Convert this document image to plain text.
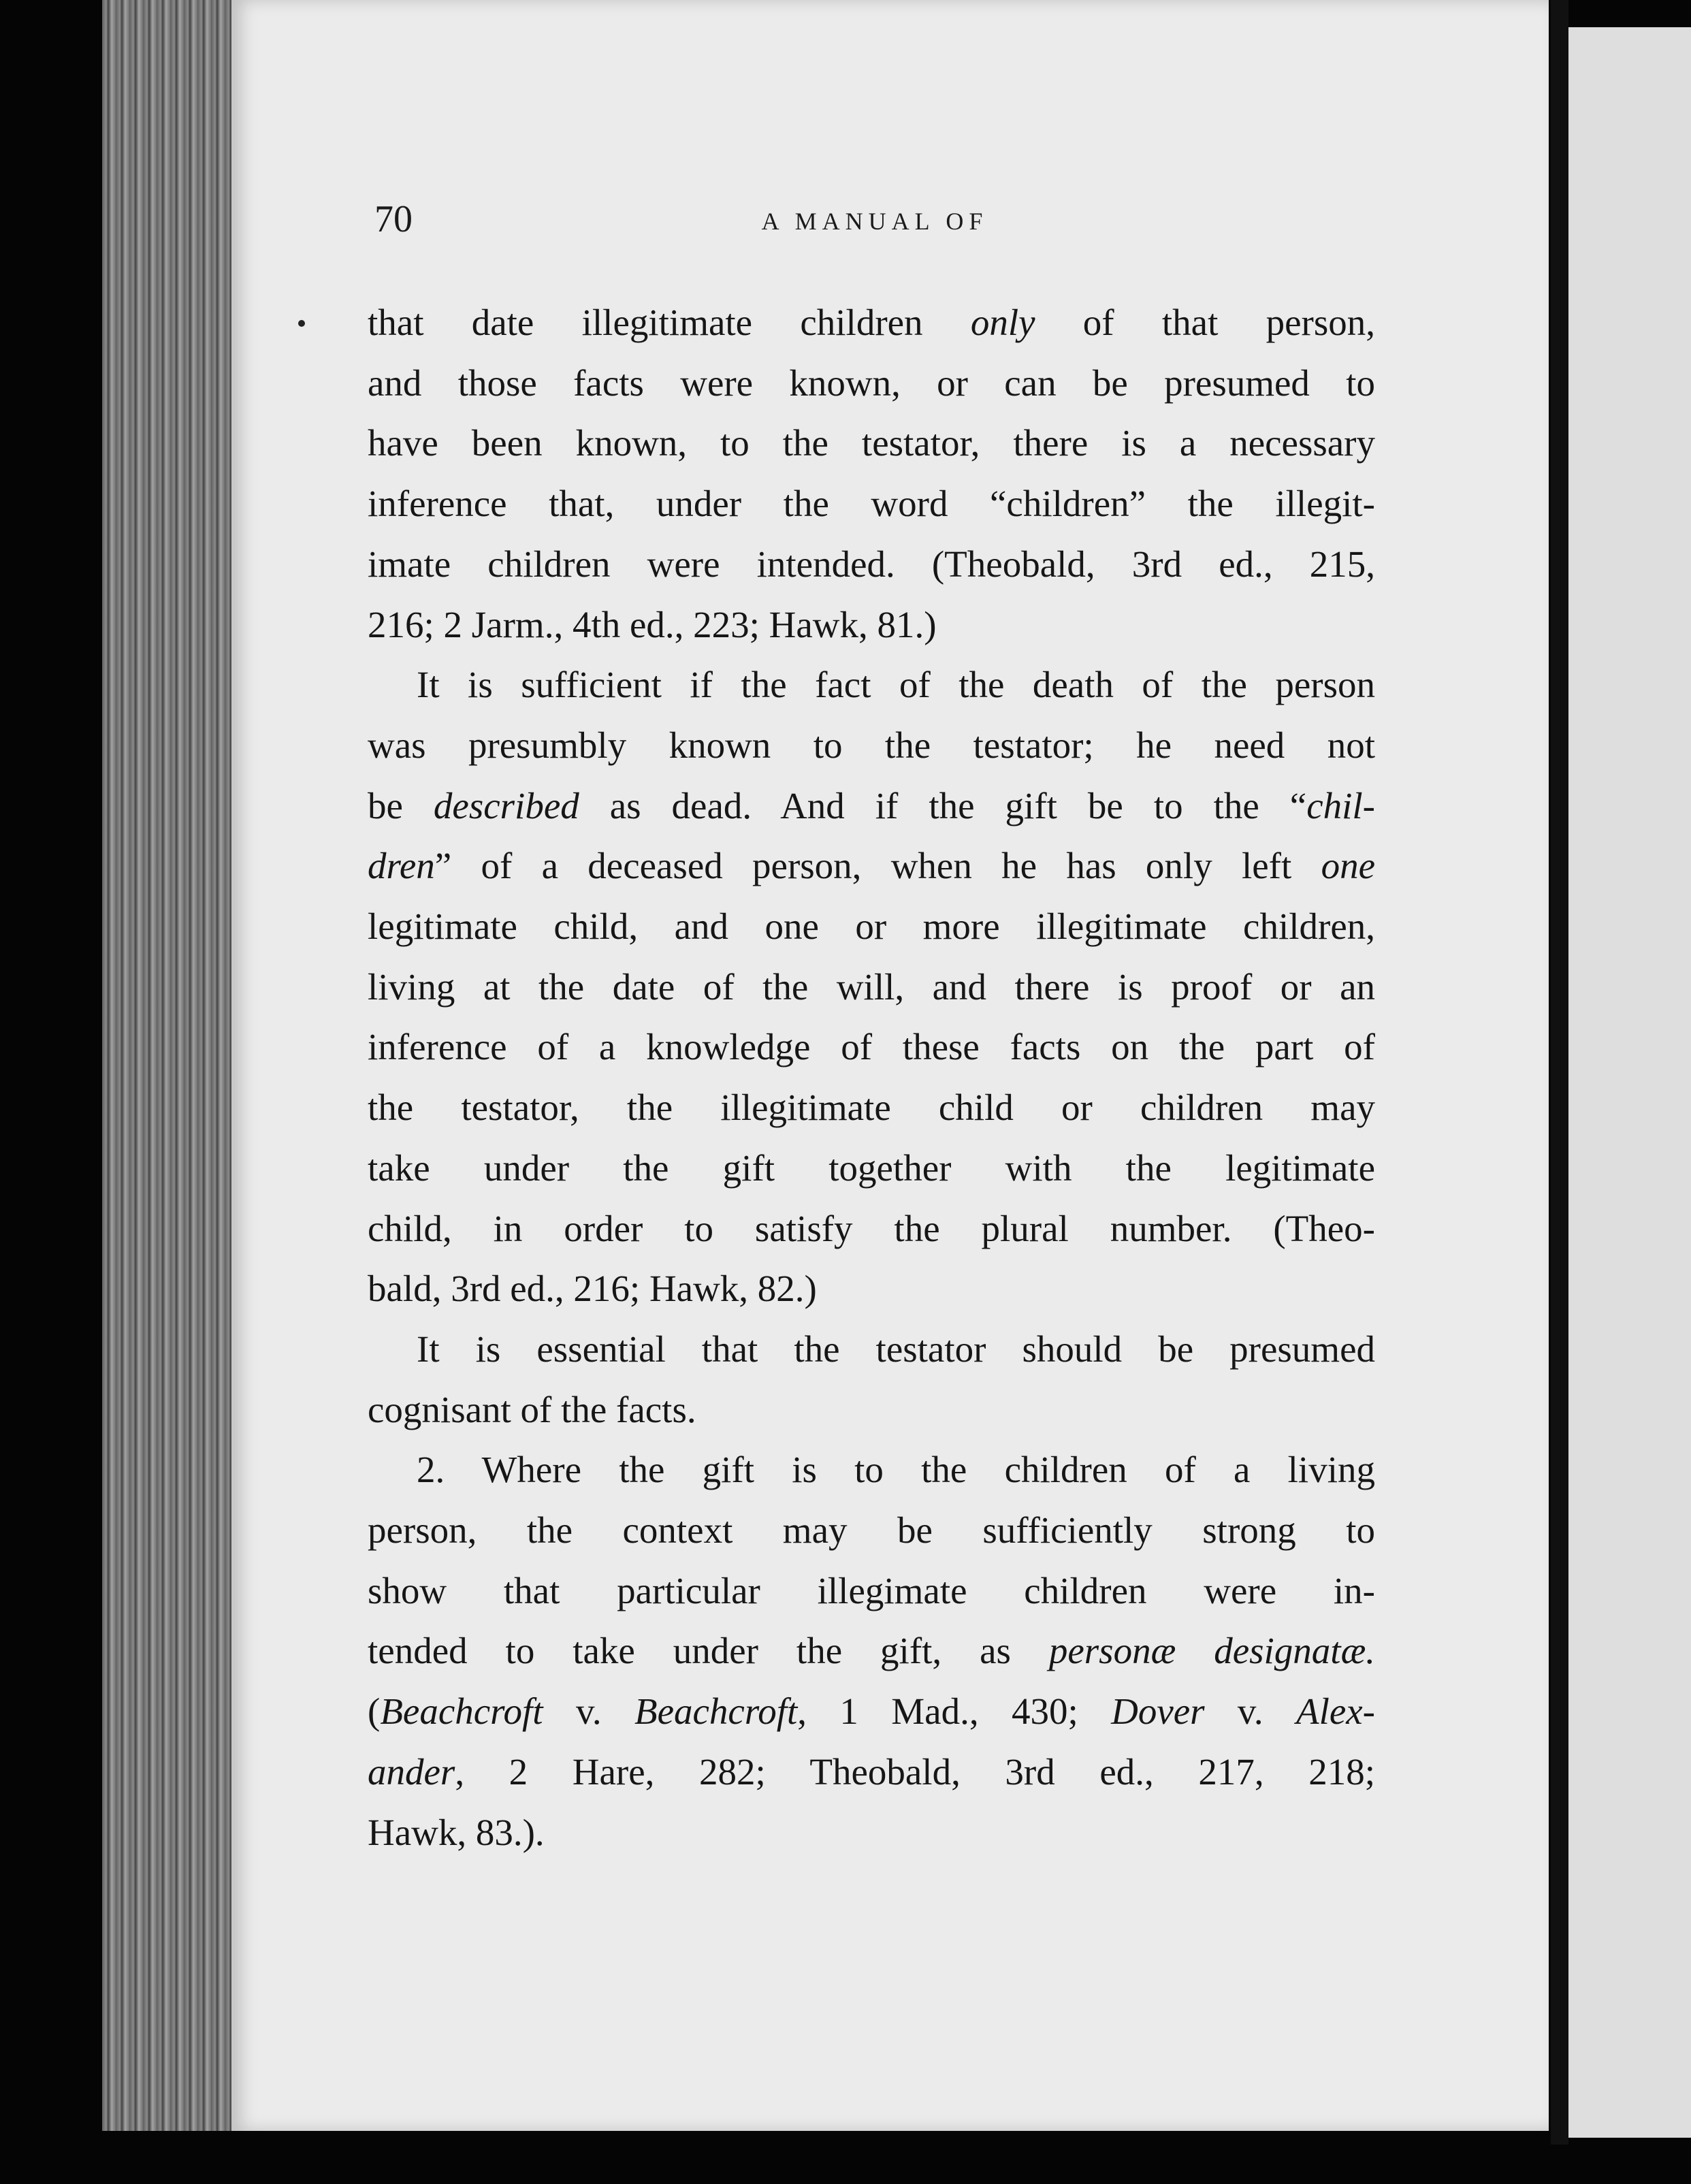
70	A MANUAL OF

that date illegitimate children only of that person,
and those facts were known, or can be presumed to
have been known, to the testator, there is a necessary
inference that, under the word “children” the illegit-
imate children were intended. (Theobald, 3rd ed., 215,
216; 2 Jarm., 4th ed., 223; Hawk, 81.)

It is sufficient if the fact of the death of the person
was presumbly known to the testator; he need not
be described as dead. And if the gift be to the “chil-
dren” of a deceased person, when he has only left one
legitimate child, and one or more illegitimate children,
living at the date of the will, and there is proof or an
inference of a knowledge of these facts on the part of
the testator, the illegitimate child or children may
take under the gift together with the legitimate
child, in order to satisfy the plural number. (Theo-
bald, 3rd ed., 216; Hawk, 82.)

It is essential that the testator should be presumed
cognisant of the facts.

2. Where the gift is to the children of a living
person, the context may be sufficiently strong to
show that particular illegimate children were in-
tended to take under the gift, as personæ designatæ.
(Beachcroft v. Beachcroft, 1 Mad., 430; Dover v. Alex-
ander, 2 Hare, 282; Theobald, 3rd ed., 217, 218;
Hawk, 83.).
